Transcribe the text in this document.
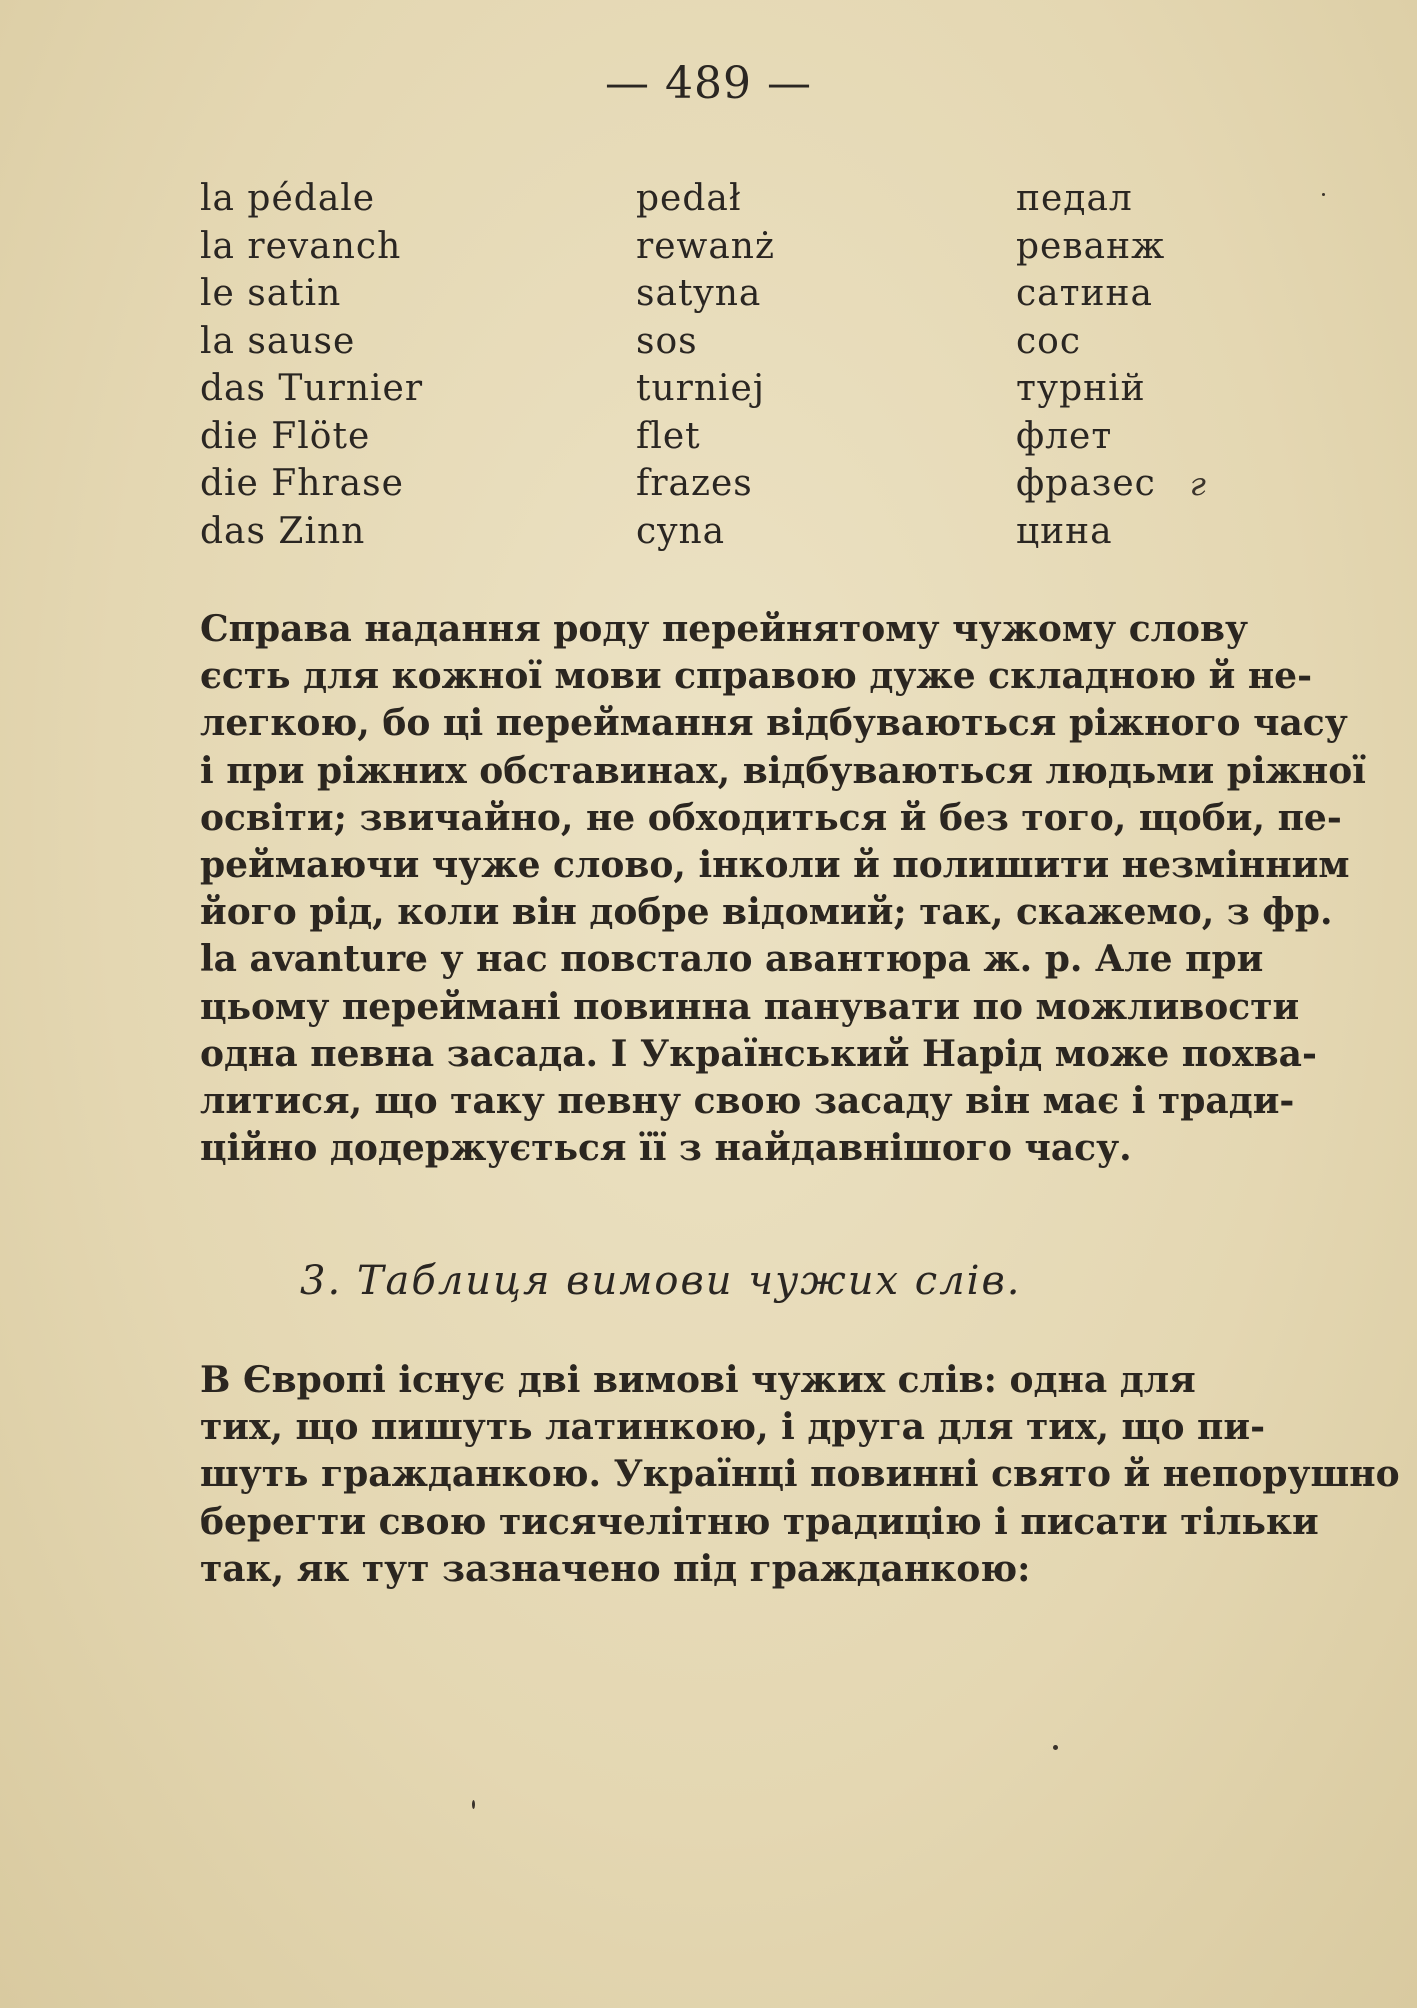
— 489 —
la pédale	pedał	педал
la revanch	rewanż	реванж
le satin	satyna	сатина
la sause	sos	сос
das Turnier	turniej	турній
die Flöte	flet	флет
die Fhrase	frazes	фразес г
das Zinn	cyna	цина
Справа надання роду перейнятому чужому слову
єсть для кожної мови справою дуже складною й не-
легкою, бо ці переймання відбуваються ріжного часу
і при ріжних обставинах, відбуваються людьми ріжної
освіти; звичайно, не обходиться й без того, щоби, пе-
реймаючи чуже слово, інколи й полишити незмінним
його рід, коли він добре відомий; так, скажемо, з фр.
la avanture у нас повстало авантюра ж. р. Але при
цьому переймані повинна панувати по можливости
одна певна засада. І Український Нарід може похва-
литися, що таку певну свою засаду він має і тради-
ційно додержується її з найдавнішого часу.
3. Таблиця вимови чужих слів.
В Європі існує дві вимові чужих слів: одна для
тих, що пишуть латинкою, і друга для тих, що пи-
шуть гражданкою. Українці повинні свято й непорушно
берегти свою тисячелітню традицію і писати тільки
так, як тут зазначено під гражданкою:
